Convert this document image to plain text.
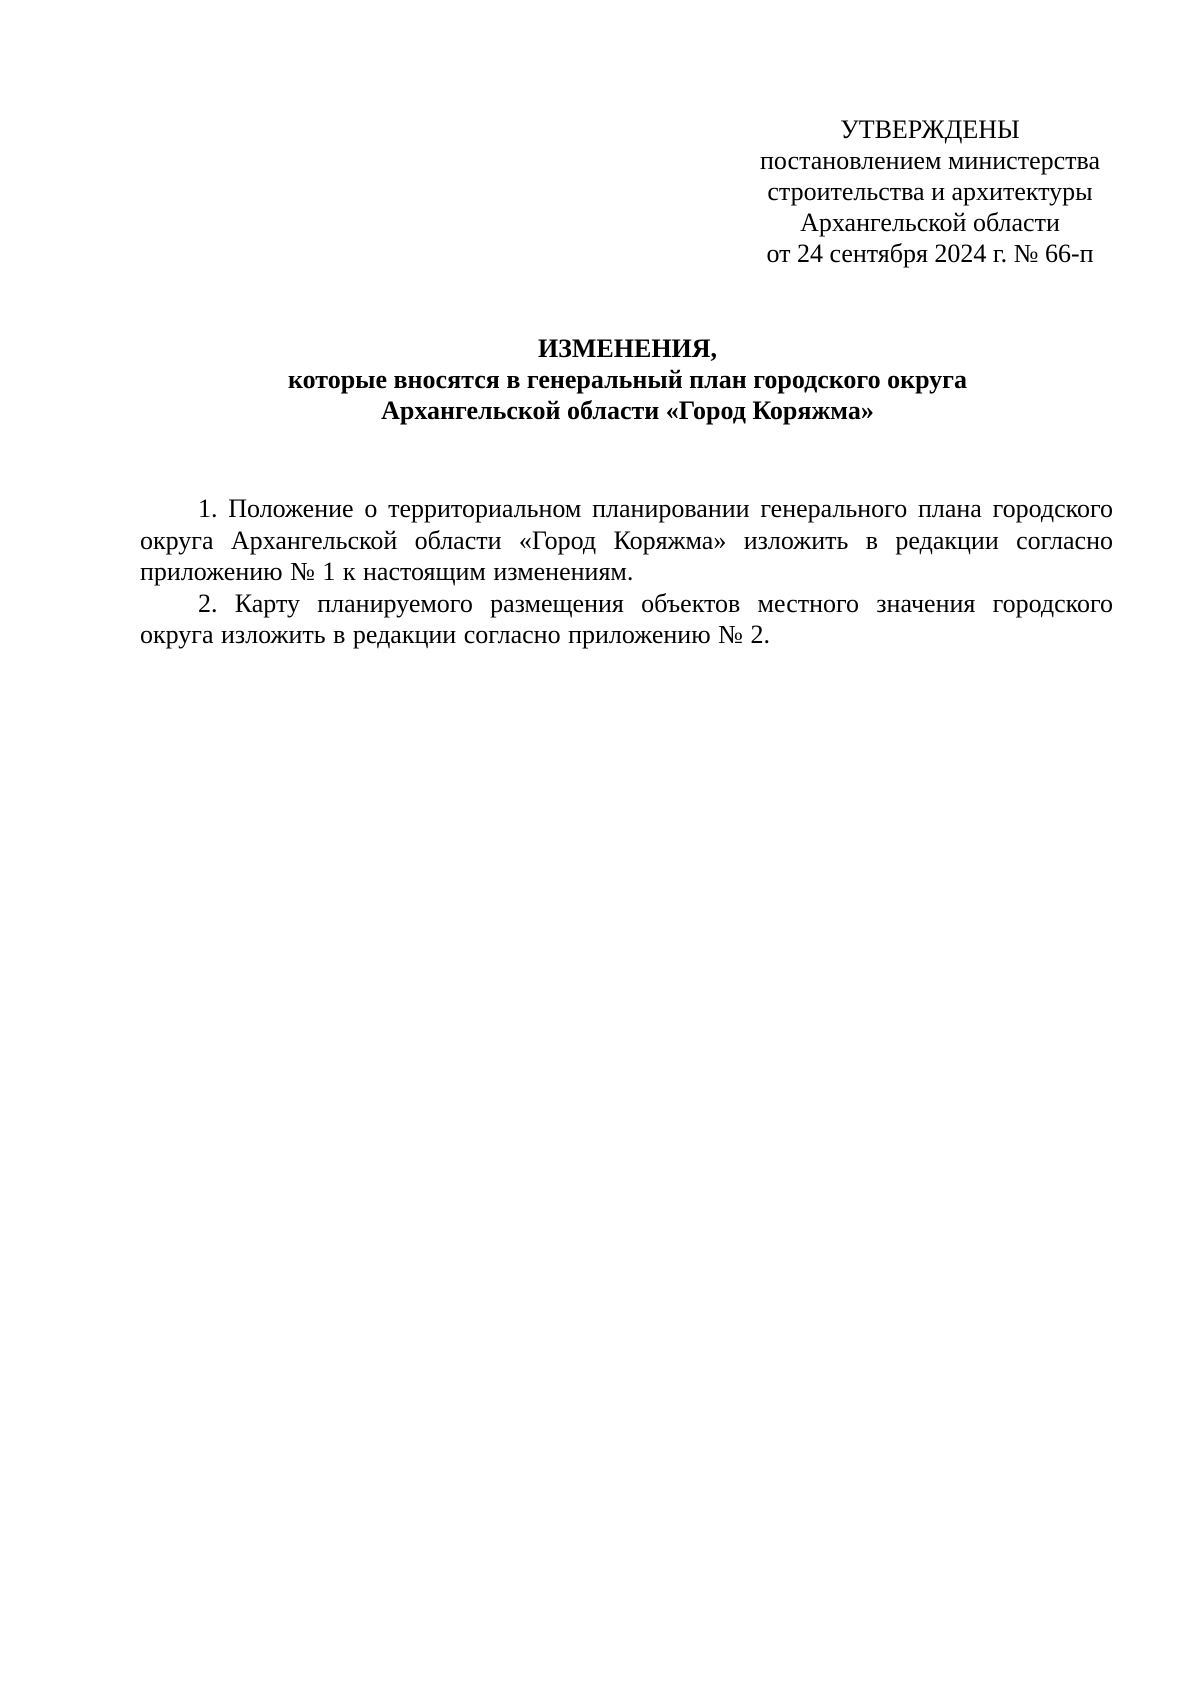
УТВЕРЖДЕНЫ
постановлением министерства
строительства и архитектуры
Архангельской области
от 24 сентября 2024 г. № 66-п
ИЗМЕНЕНИЯ,
которые вносятся в генеральный план городского округа
Архангельской области «Город Коряжма»

1. Положение о территориальном планировании генерального плана городского округа Архангельской области «Город Коряжма» изложить в редакции согласно приложению № 1 к настоящим изменениям.

2. Карту планируемого размещения объектов местного значения городского округа изложить в редакции согласно приложению № 2.
